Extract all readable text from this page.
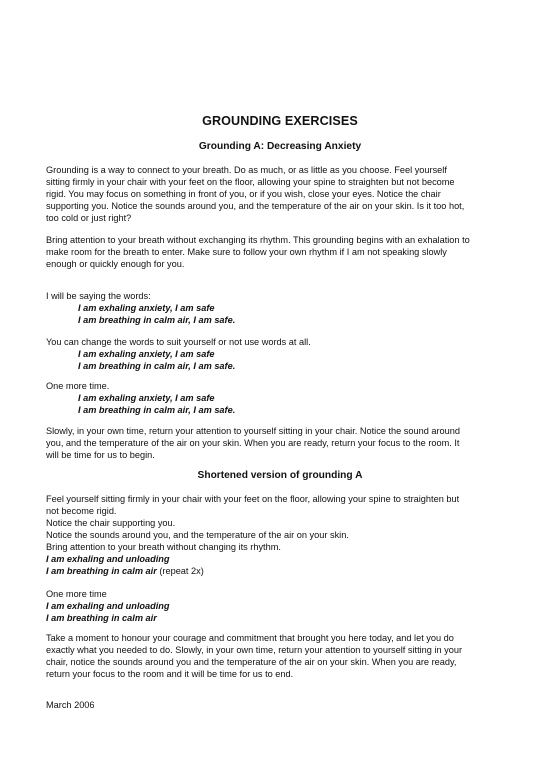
GROUNDING EXERCISES
Grounding A: Decreasing Anxiety
Grounding is a way to connect to your breath. Do as much, or as little as you choose. Feel yourself
sitting firmly in your chair with your feet on the floor, allowing your spine to straighten but not become
rigid. You may focus on something in front of you, or if you wish, close your eyes. Notice the chair
supporting you. Notice the sounds around you, and the temperature of the air on your skin. Is it too hot,
too cold or just right?
Bring attention to your breath without exchanging its rhythm. This grounding begins with an exhalation to
make room for the breath to enter. Make sure to follow your own rhythm if I am not speaking slowly
enough or quickly enough for you.
I will be saying the words:
I am exhaling anxiety, I am safe
I am breathing in calm air, I am safe.
You can change the words to suit yourself or not use words at all.
I am exhaling anxiety, I am safe
I am breathing in calm air, I am safe.
One more time.
I am exhaling anxiety, I am safe
I am breathing in calm air, I am safe.
Slowly, in your own time, return your attention to yourself sitting in your chair. Notice the sound around
you, and the temperature of the air on your skin. When you are ready, return your focus to the room. It
will be time for us to begin.
Shortened version of grounding A
Feel yourself sitting firmly in your chair with your feet on the floor, allowing your spine to straighten but
not become rigid.
Notice the chair supporting you.
Notice the sounds around you, and the temperature of the air on your skin.
Bring attention to your breath without changing its rhythm.
I am exhaling and unloading
I am breathing in calm air (repeat 2x)
One more time
I am exhaling and unloading
I am breathing in calm air
Take a moment to honour your courage and commitment that brought you here today, and let you do
exactly what you needed to do. Slowly, in your own time, return your attention to yourself sitting in your
chair, notice the sounds around you and the temperature of the air on your skin. When you are ready,
return your focus to the room and it will be time for us to end.
March 2006
